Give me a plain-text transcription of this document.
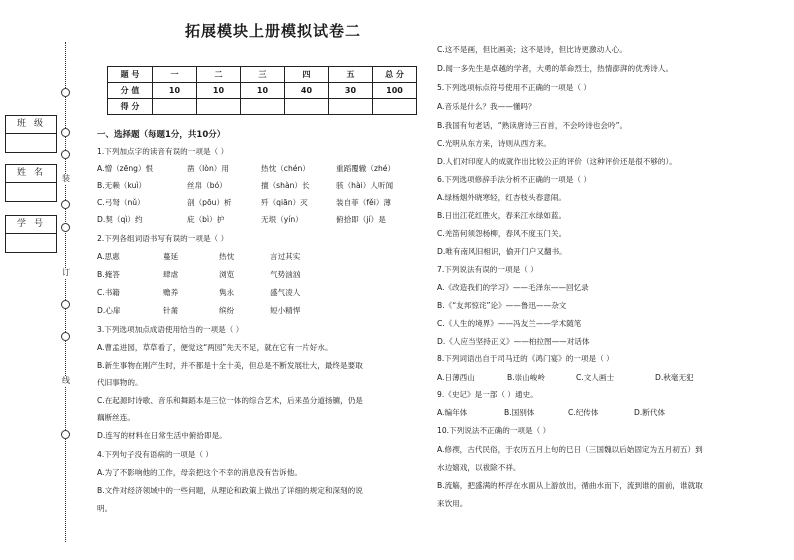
装
订
线
班级
姓名
学号
拓展模块上册模拟试卷二
题 号	一	二	三	四	五	总 分
分 值	10	10	10	40	30	100
得 分						
一、选择题（每题1分，共10分）
1.下列加点字的读音有误的一项是（ ）
A.憎（zēng）恨	凿（lòn）用	热忱（chén）	重蹈覆辙（zhé）
B.无赖（kuì）	丝帛（bó）	擅（shàn）长	骇（hài）人听闻
C.弓弩（nǔ）	剖（pōu）析	歼（qiān）灭	装自菲（fěi）薄
D.契（qì）约	庇（bì）护	无垠（yín）	俯拾即（jí）是
2.下列各组词语书写有误的一项是（ ）
A.思惠	蔓延	热忱	言过其实
B.掩答	肆虐	浏览	气势汹汹
C.书籍	赡养	隽永	盛气凌人
D.心扉	针黹	缤纷	短小精悍
3.下列选项加点成语使用恰当的一项是（ ）
A.曹孟进园，草草看了，便觉这“两园”先天不足，就在它有一片好水。
B.新生事物在刚产生时，并不都是十全十美，但总是不断发展壮大，最终是要取
代旧事物的。
C.在起源时诗歌、音乐和舞蹈本是三位一体的综合艺术，后来虽分道扬镳，仍是
藕断丝连。
D.连写的材料在日常生活中俯拾即是。
4.下列句子没有语病的一项是（ ）
A.为了不影响他的工作，母亲把这个不幸的消息没有告诉他。
B.文件对经济领域中的一些问题，从理论和政策上做出了详细的规定和深刻的说
明。
C.这不是画，但比画美；这不是诗，但比诗更激动人心。
D.闻一多先生是卓越的学者，大勇的革命烈士，热情澎湃的优秀诗人。
5.下列选项标点符号使用不正确的一项是（ ）
A.音乐是什么？我——懂吗？
B.我国有句老话，“熟读唐诗三百首，不会吟诗也会吟”。
C.光明从东方来，诗则从西方来。
D.人们对印度人的成就作出比较公正的评价（这种评价还是很不够的）。
6.下列选项修辞手法分析不正确的一项是（ ）
A.绿杨烟外晓寒轻，红杏枝头春意闹。
B.日出江花红胜火，春来江水绿如蓝。
C.羌笛何须怨杨柳，春风不度玉门关。
D.唯有南风旧相识，偷开门户又翻书。
7.下列说法有误的一项是（ ）
A.《改造我们的学习》——毛泽东——回忆录
B.《“友邦惊诧”论》——鲁迅——杂文
C.《人生的境界》——冯友兰——学术随笔
D.《人应当坚持正义》——柏拉图——对话体
8.下列词语出自于司马迁的《鸿门宴》的一项是（ ）
A.日薄西山	B.崇山峻岭	C.文人画士	D.秋毫无犯
9.《史记》是一部（ ）通史。
A.编年体	B.国别体	C.纪传体	D.断代体
10.下列说法不正确的一项是（ ）
A.修禊，古代民俗，于农历五月上旬的巳日（三国魏以后始固定为五月初五）到
水边嬉戏，以祓除不祥。
B.流觞，把盛满的杯浮在水面从上游放出，循曲水而下，流到谁的面前，谁就取
来饮用。
